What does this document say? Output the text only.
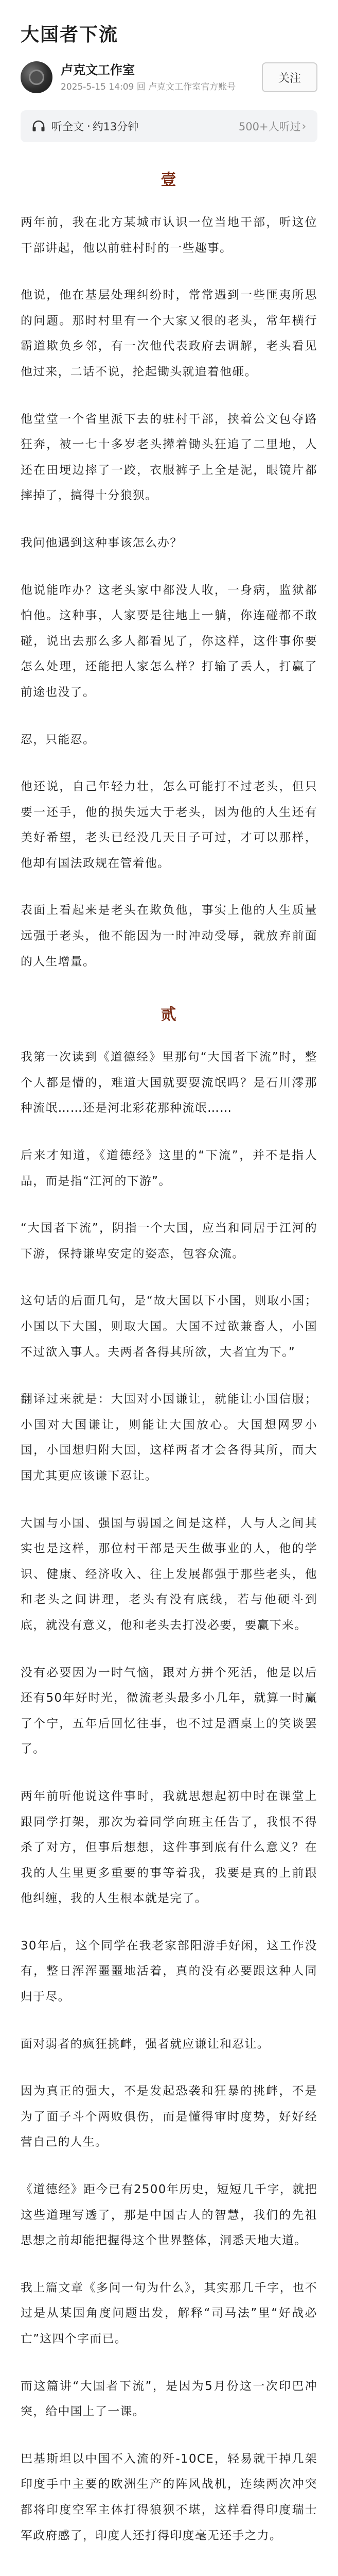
大国者下流
卢克文工作室
2025-5-15 14:09 回 卢克文工作室官方账号
关注
听全文 · 约13分钟	500+人听过 ›
壹

两年前，我在北方某城市认识一位当地干部，听这位干部讲起，他以前驻村时的一些趣事。

他说，他在基层处理纠纷时，常常遇到一些匪夷所思的问题。那时村里有一个大家又很的老头，常年横行霸道欺负乡邻，有一次他代表政府去调解，老头看见他过来，二话不说，抡起锄头就追着他砸。

他堂堂一个省里派下去的驻村干部，挟着公文包夺路狂奔，被一七十多岁老头撵着锄头狂追了二里地，人还在田埂边摔了一跤，衣服裤子上全是泥，眼镜片都摔掉了，搞得十分狼狈。

我问他遇到这种事该怎么办？

他说能咋办？这老头家中都没人收，一身病，监狱都怕他。这种事，人家要是往地上一躺，你连碰都不敢碰，说出去那么多人都看见了，你这样，这件事你要怎么处理，还能把人家怎么样？打输了丢人，打赢了前途也没了。

忍，只能忍。

他还说，自己年轻力壮，怎么可能打不过老头，但只要一还手，他的损失远大于老头，因为他的人生还有美好希望，老头已经没几天日子可过，才可以那样，他却有国法政规在管着他。

表面上看起来是老头在欺负他，事实上他的人生质量远强于老头，他不能因为一时冲动受辱，就放弃前面的人生增量。

贰

我第一次读到《道德经》里那句“大国者下流”时，整个人都是懵的，难道大国就要耍流氓吗？是石川澪那种流氓……还是河北彩花那种流氓……

后来才知道，《道德经》这里的“下流”，并不是指人品，而是指“江河的下游”。

“大国者下流”，阴指一个大国，应当和同居于江河的下游，保持谦卑安定的姿态，包容众流。

这句话的后面几句，是“故大国以下小国，则取小国；小国以下大国，则取大国。大国不过欲兼畜人，小国不过欲入事人。夫两者各得其所欲，大者宜为下。”

翻译过来就是：大国对小国谦让，就能让小国信服；小国对大国谦让，则能让大国放心。大国想网罗小国，小国想归附大国，这样两者才会各得其所，而大国尤其更应该谦下忍让。

大国与小国、强国与弱国之间是这样，人与人之间其实也是这样，那位村干部是天生做事业的人，他的学识、健康、经济收入、往上发展都强于那些老头，他和老头之间讲理，老头有没有底线，若与他硬斗到底，就没有意义，他和老头去打没必要，要赢下来。

没有必要因为一时气恼，跟对方拼个死活，他是以后还有50年好时光，微流老头最多小几年，就算一时赢了个宁，五年后回忆往事，也不过是酒桌上的笑谈罢了。

两年前听他说这件事时，我就思想起初中时在课堂上跟同学打架，那次为着同学向班主任告了，我恨不得杀了对方，但事后想想，这件事到底有什么意义？在我的人生里更多重要的事等着我，我要是真的上前跟他纠缠，我的人生根本就是完了。

30年后，这个同学在我老家部阳游手好闲，这工作没有，整日浑浑噩噩地活着，真的没有必要跟这种人同归于尽。

面对弱者的疯狂挑衅，强者就应谦让和忍让。

因为真正的强大，不是发起恐袭和狂暴的挑衅，不是为了面子斗个两败俱伤，而是懂得审时度势，好好经营自己的人生。

《道德经》距今已有2500年历史，短短几千字，就把这些道理写透了，那是中国古人的智慧，我们的先祖思想之前却能把握得这个世界整体，洞悉天地大道。

我上篇文章《多问一句为什么》，其实那几千字，也不过是从某国角度问题出发，解释“司马法”里“好战必亡”这四个字而已。

而这篇讲“大国者下流”，是因为5月份这一次印巴冲突，给中国上了一课。

巴基斯坦以中国不入流的歼-10CE，轻易就干掉几架印度手中主要的欧洲生产的阵风战机，连续两次冲突都将印度空军主体打得狼狈不堪，这样看得印度瑞士军政府感了，印度人还打得印度毫无还手之力。
